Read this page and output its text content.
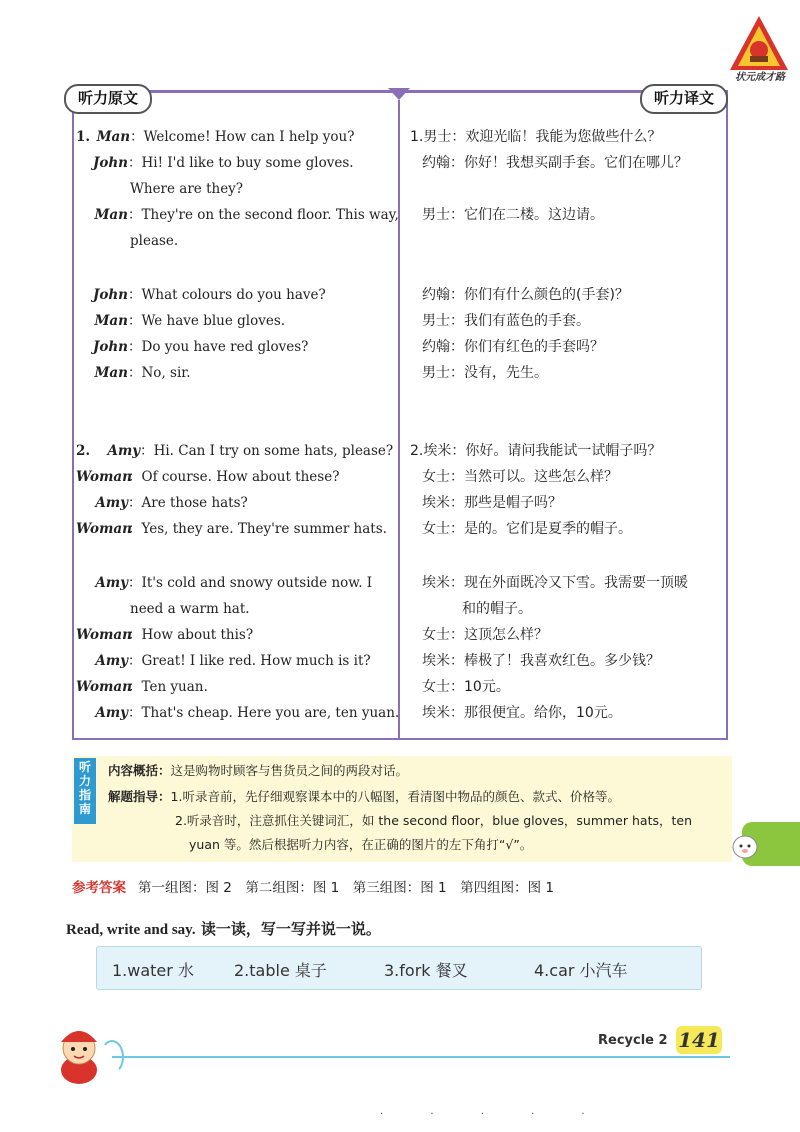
状元成才路
听力原文	听力译文
1. Man：Welcome! How can I help you?
John：Hi! I'd like to buy some gloves.
Where are they?
Man：They're on the second floor. This way,
please.
John：What colours do you have?
Man：We have blue gloves.
John：Do you have red gloves?
Man：No, sir.
2. Amy：Hi. Can I try on some hats, please?
Woman：Of course. How about these?
Amy：Are those hats?
Woman：Yes, they are. They're summer hats.
Amy：It's cold and snowy outside now. I
need a warm hat.
Woman：How about this?
Amy：Great! I like red. How much is it?
Woman：Ten yuan.
Amy：That's cheap. Here you are, ten yuan.
1.男士：欢迎光临！我能为您做些什么？
约翰：你好！我想买副手套。它们在哪儿？
男士：它们在二楼。这边请。
约翰：你们有什么颜色的(手套)？
男士：我们有蓝色的手套。
约翰：你们有红色的手套吗？
男士：没有，先生。
2.埃米：你好。请问我能试一试帽子吗？
女士：当然可以。这些怎么样？
埃米：那些是帽子吗？
女士：是的。它们是夏季的帽子。
埃米：现在外面既冷又下雪。我需要一顶暖
和的帽子。
女士：这顶怎么样？
埃米：棒极了！我喜欢红色。多少钱？
女士：10元。
埃米：那很便宜。给你，10元。
听力指南
内容概括：这是购物时顾客与售货员之间的两段对话。
解题指导：1.听录音前，先仔细观察课本中的八幅图，看清图中物品的颜色、款式、价格等。
2.听录音时，注意抓住关键词汇，如 the second floor，blue gloves，summer hats，ten
yuan 等。然后根据听力内容，在正确的图片的左下角打“√”。
参考答案 第一组图：图 2　第二组图：图 1　第三组图：图 1　第四组图：图 1
Read, write and say. 读一读，写一写并说一说。
1.water 水	2.table 桌子	3.fork 餐叉	4.car 小汽车
Recycle 2 141
. . . . .
